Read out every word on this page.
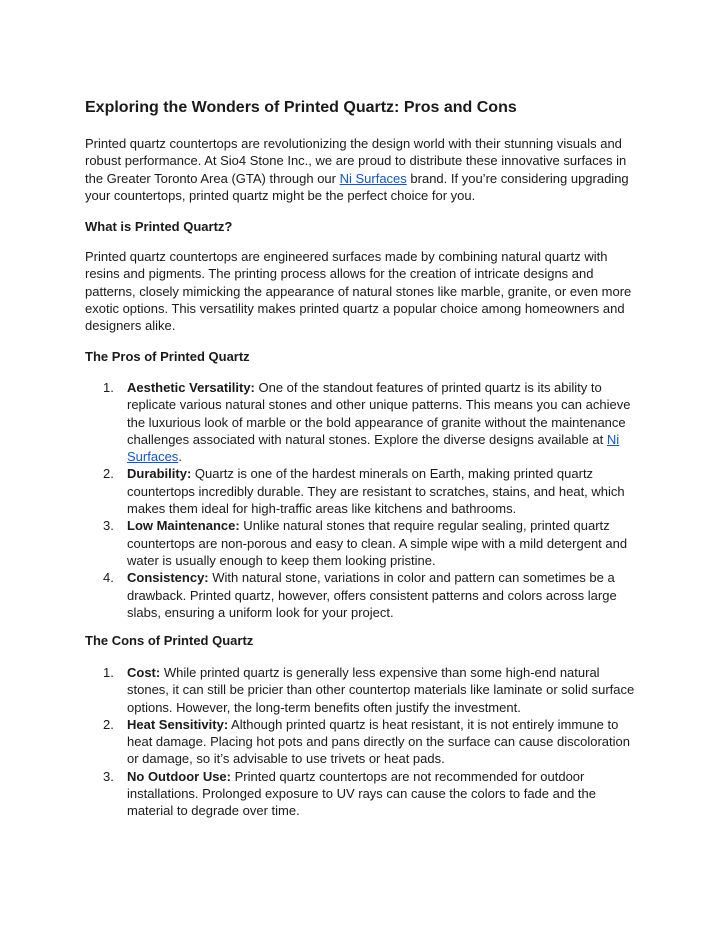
Exploring the Wonders of Printed Quartz: Pros and Cons

Printed quartz countertops are revolutionizing the design world with their stunning visuals and robust performance. At Sio4 Stone Inc., we are proud to distribute these innovative surfaces in the Greater Toronto Area (GTA) through our Ni Surfaces brand. If you’re considering upgrading your countertops, printed quartz might be the perfect choice for you.

What is Printed Quartz?

Printed quartz countertops are engineered surfaces made by combining natural quartz with resins and pigments. The printing process allows for the creation of intricate designs and patterns, closely mimicking the appearance of natural stones like marble, granite, or even more exotic options. This versatility makes printed quartz a popular choice among homeowners and designers alike.

The Pros of Printed Quartz
1. Aesthetic Versatility: One of the standout features of printed quartz is its ability to replicate various natural stones and other unique patterns. This means you can achieve the luxurious look of marble or the bold appearance of granite without the maintenance challenges associated with natural stones. Explore the diverse designs available at Ni Surfaces.
2. Durability: Quartz is one of the hardest minerals on Earth, making printed quartz countertops incredibly durable. They are resistant to scratches, stains, and heat, which makes them ideal for high-traffic areas like kitchens and bathrooms.
3. Low Maintenance: Unlike natural stones that require regular sealing, printed quartz countertops are non-porous and easy to clean. A simple wipe with a mild detergent and water is usually enough to keep them looking pristine.
4. Consistency: With natural stone, variations in color and pattern can sometimes be a drawback. Printed quartz, however, offers consistent patterns and colors across large slabs, ensuring a uniform look for your project.
The Cons of Printed Quartz
1. Cost: While printed quartz is generally less expensive than some high-end natural stones, it can still be pricier than other countertop materials like laminate or solid surface options. However, the long-term benefits often justify the investment.
2. Heat Sensitivity: Although printed quartz is heat resistant, it is not entirely immune to heat damage. Placing hot pots and pans directly on the surface can cause discoloration or damage, so it’s advisable to use trivets or heat pads.
3. No Outdoor Use: Printed quartz countertops are not recommended for outdoor installations. Prolonged exposure to UV rays can cause the colors to fade and the material to degrade over time.
